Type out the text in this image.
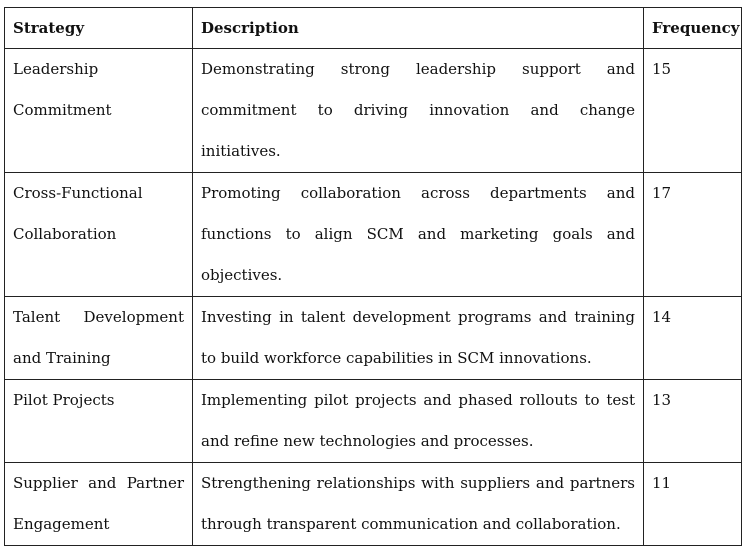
Strategy	Description	Frequency
Leadership Commitment	Demonstrating strong leadership support and commitment to driving innovation and change initiatives.	15
Cross-Functional Collaboration	Promoting collaboration across departments and functions to align SCM and marketing goals and objectives.	17
Talent Development and Training	Investing in talent development programs and training to build workforce capabilities in SCM innovations.	14
Pilot Projects	Implementing pilot projects and phased rollouts to test and refine new technologies and processes.	13
Supplier and Partner Engagement	Strengthening relationships with suppliers and partners through transparent communication and collaboration.	11
